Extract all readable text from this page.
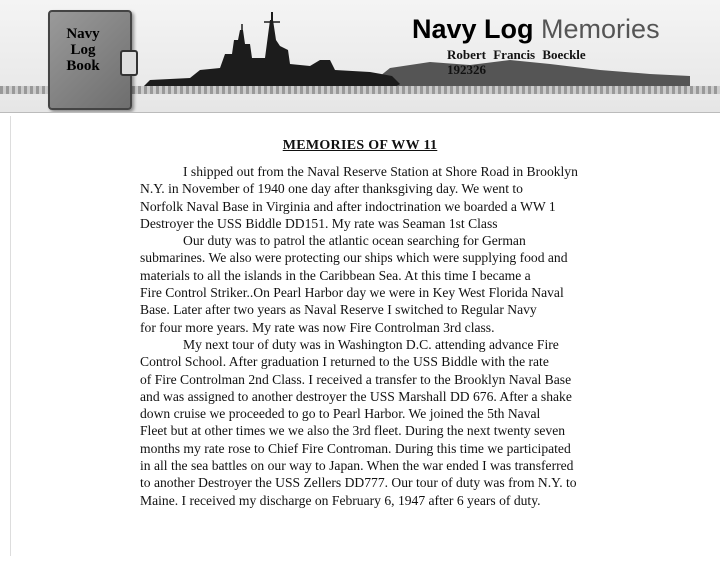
Navy
Log
Book
Navy Log Memories
Robert Francis Boeckle
192326
MEMORIES OF WW 11
I shipped out from the Naval Reserve Station at Shore Road in Brooklyn
N.Y. in November of 1940 one day after thanksgiving day. We went to
Norfolk Naval Base in Virginia and after indoctrination we boarded a WW 1
Destroyer the USS Biddle DD151. My rate was Seaman 1st Class
Our duty was to patrol the atlantic ocean searching for German
submarines. We also were protecting our ships which were supplying food and
materials to all the islands in the Caribbean Sea. At this time I became a
Fire Control Striker..On Pearl Harbor day we were in Key West Florida Naval
Base. Later after two years as Naval Reserve I switched to Regular Navy
for four more years. My rate was now Fire Controlman 3rd class.
My next tour of duty was in Washington D.C. attending advance Fire
Control School. After graduation I returned to the USS Biddle with the rate
of Fire Controlman 2nd Class. I received a transfer to the Brooklyn Naval Base
and was assigned to another destroyer the USS Marshall DD 676. After a shake
down cruise we proceeded to go to Pearl Harbor. We joined the 5th Naval
Fleet but at other times we we also the 3rd fleet. During the next twenty seven
months my rate rose to Chief Fire Controman. During this time we participated
in all the sea battles on our way to Japan. When the war ended I was transferred
to another Destroyer the USS Zellers DD777. Our tour of duty was from N.Y. to
Maine. I received my discharge on February 6, 1947 after 6 years of duty.
